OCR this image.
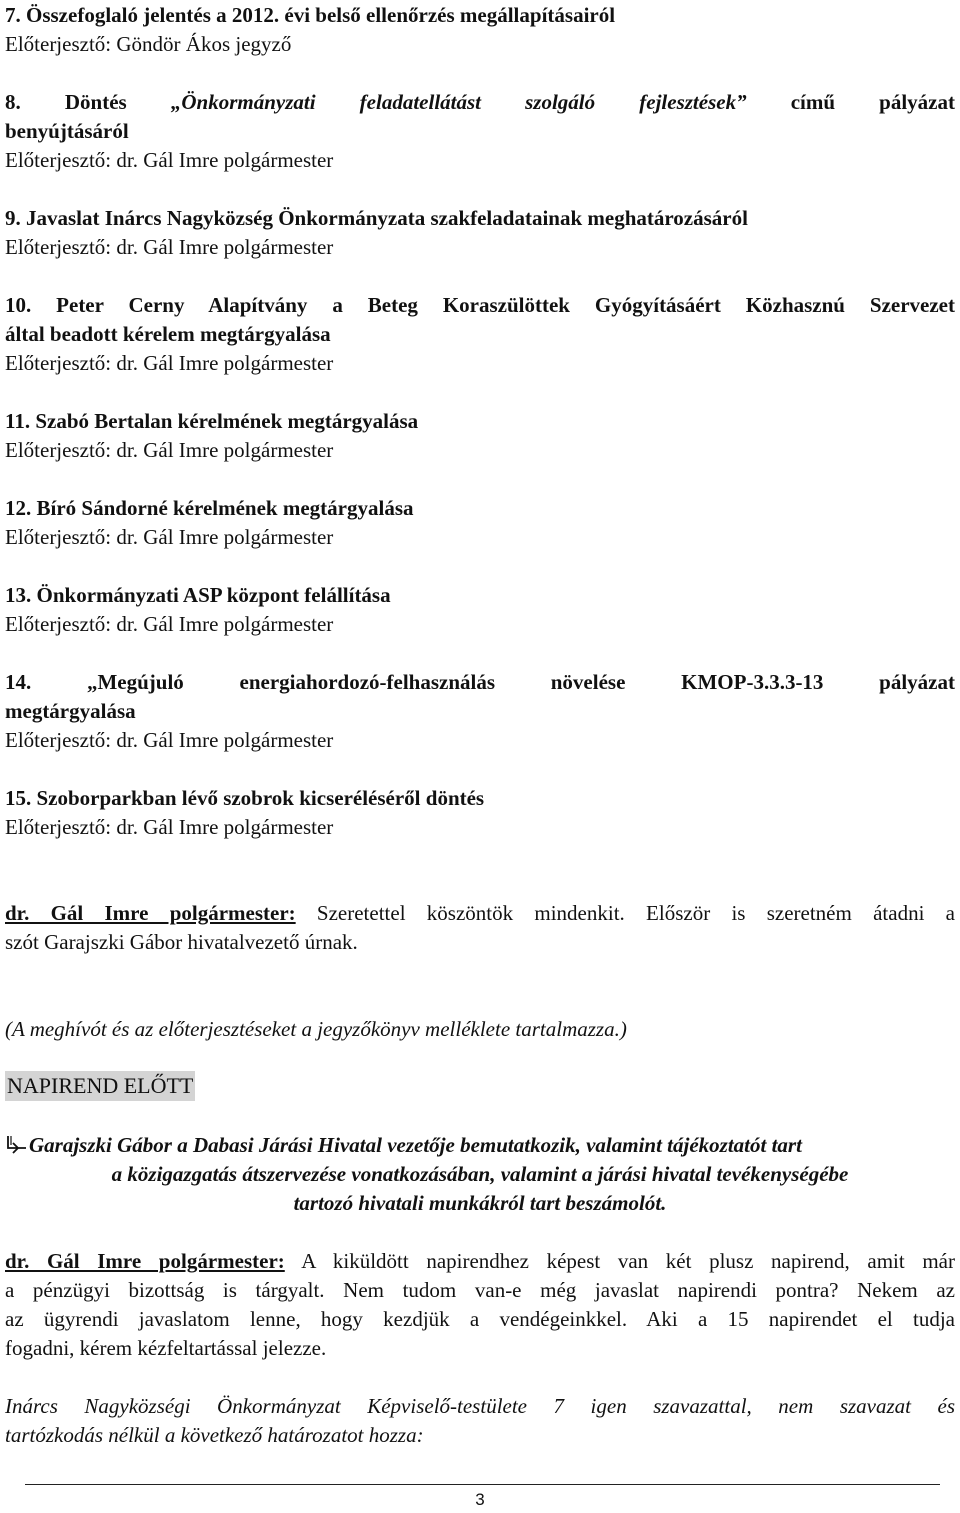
7. Összefoglaló jelentés a 2012. évi belső ellenőrzés megállapításairól
Előterjesztő: Göndör Ákos jegyző
8. Döntés „Önkormányzati feladatellátást szolgáló fejlesztések” című pályázat
benyújtásáról
Előterjesztő: dr. Gál Imre polgármester
9. Javaslat Inárcs Nagyközség Önkormányzata szakfeladatainak meghatározásáról
Előterjesztő: dr. Gál Imre polgármester
10. Peter Cerny Alapítvány a Beteg Koraszülöttek Gyógyításáért Közhasznú Szervezet
által beadott kérelem megtárgyalása
Előterjesztő: dr. Gál Imre polgármester
11. Szabó Bertalan kérelmének megtárgyalása
Előterjesztő: dr. Gál Imre polgármester
12. Bíró Sándorné kérelmének megtárgyalása
Előterjesztő: dr. Gál Imre polgármester
13. Önkormányzati ASP központ felállítása
Előterjesztő: dr. Gál Imre polgármester
14. „Megújuló energiahordozó-felhasználás növelése KMOP-3.3.3-13 pályázat
megtárgyalása
Előterjesztő: dr. Gál Imre polgármester
15. Szoborparkban lévő szobrok kicseréléséről döntés
Előterjesztő: dr. Gál Imre polgármester
dr. Gál Imre polgármester: Szeretettel köszöntök mindenkit. Először is szeretném átadni a
szót Garajszki Gábor hivatalvezető úrnak.
(A meghívót és az előterjesztéseket a jegyzőkönyv melléklete tartalmazza.)
NAPIREND ELŐTT
Garajszki Gábor a Dabasi Járási Hivatal vezetője bemutatkozik, valamint tájékoztatót tart
a közigazgatás átszervezése vonatkozásában, valamint a járási hivatal tevékenységébe
tartozó hivatali munkákról tart beszámolót.
dr. Gál Imre polgármester: A kiküldött napirendhez képest van két plusz napirend, amit már
a pénzügyi bizottság is tárgyalt. Nem tudom van-e még javaslat napirendi pontra? Nekem az
az ügyrendi javaslatom lenne, hogy kezdjük a vendégeinkkel. Aki a 15 napirendet el tudja
fogadni, kérem kézfeltartással jelezze.
Inárcs Nagyközségi Önkormányzat Képviselő-testülete 7 igen szavazattal, nem szavazat és
tartózkodás nélkül a következő határozatot hozza:
3
